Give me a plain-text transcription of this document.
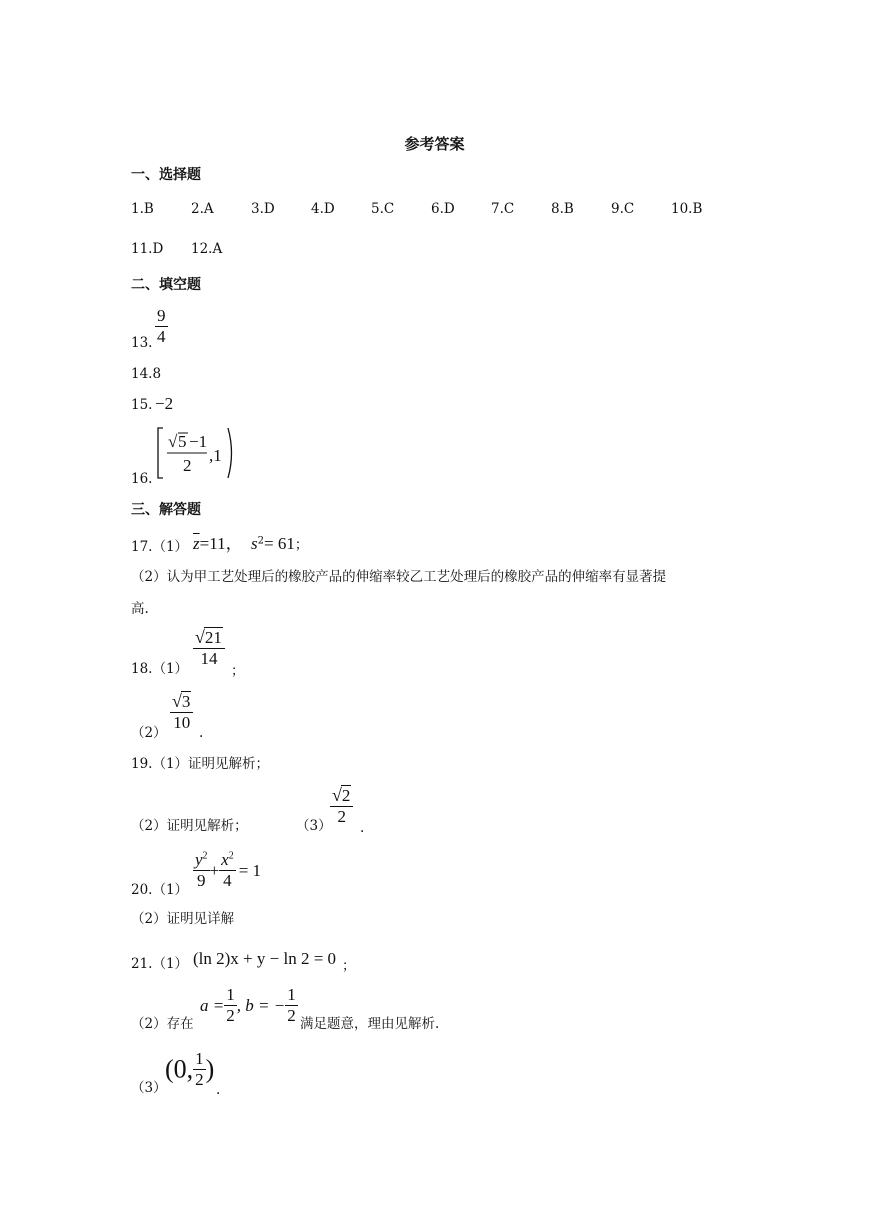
参考答案
一、选择题
1.B	2.A	3.D	4.D	5.C	6.D	7.C	8.B	9.C	10.B
11.D 12.A
二、填空题
13. $\frac{9}{4}$
14.8
15. −2
16.
√ 5 −1
2
,1
三、解答题
17.（1） $\overline{z}=11$， $s^2= 61$；
（2）认为甲工艺处理后的橡胶产品的伸缩率较乙工艺处理后的橡胶产品的伸缩率有显著提
高.
18.（1）
$\frac{√21}{14}$
；
（2）
$\frac{√3}{10}$
.
19.（1）证明见解析；
（2）证明见解析；	（3）
$\frac{√2}{2}$
.
20.（1）
$\frac{y^2}{9} + \frac{x^2}{4} = 1$
（2）证明见详解
21.（1） (ln 2)x + y − ln 2 = 0 ；
（2）存在
$a = \frac{1}{2}$ , b = − $\frac{1}{2}$ 满足题意，理由见解析.
（3）
(0, $\frac{1}{2}$ )
.
